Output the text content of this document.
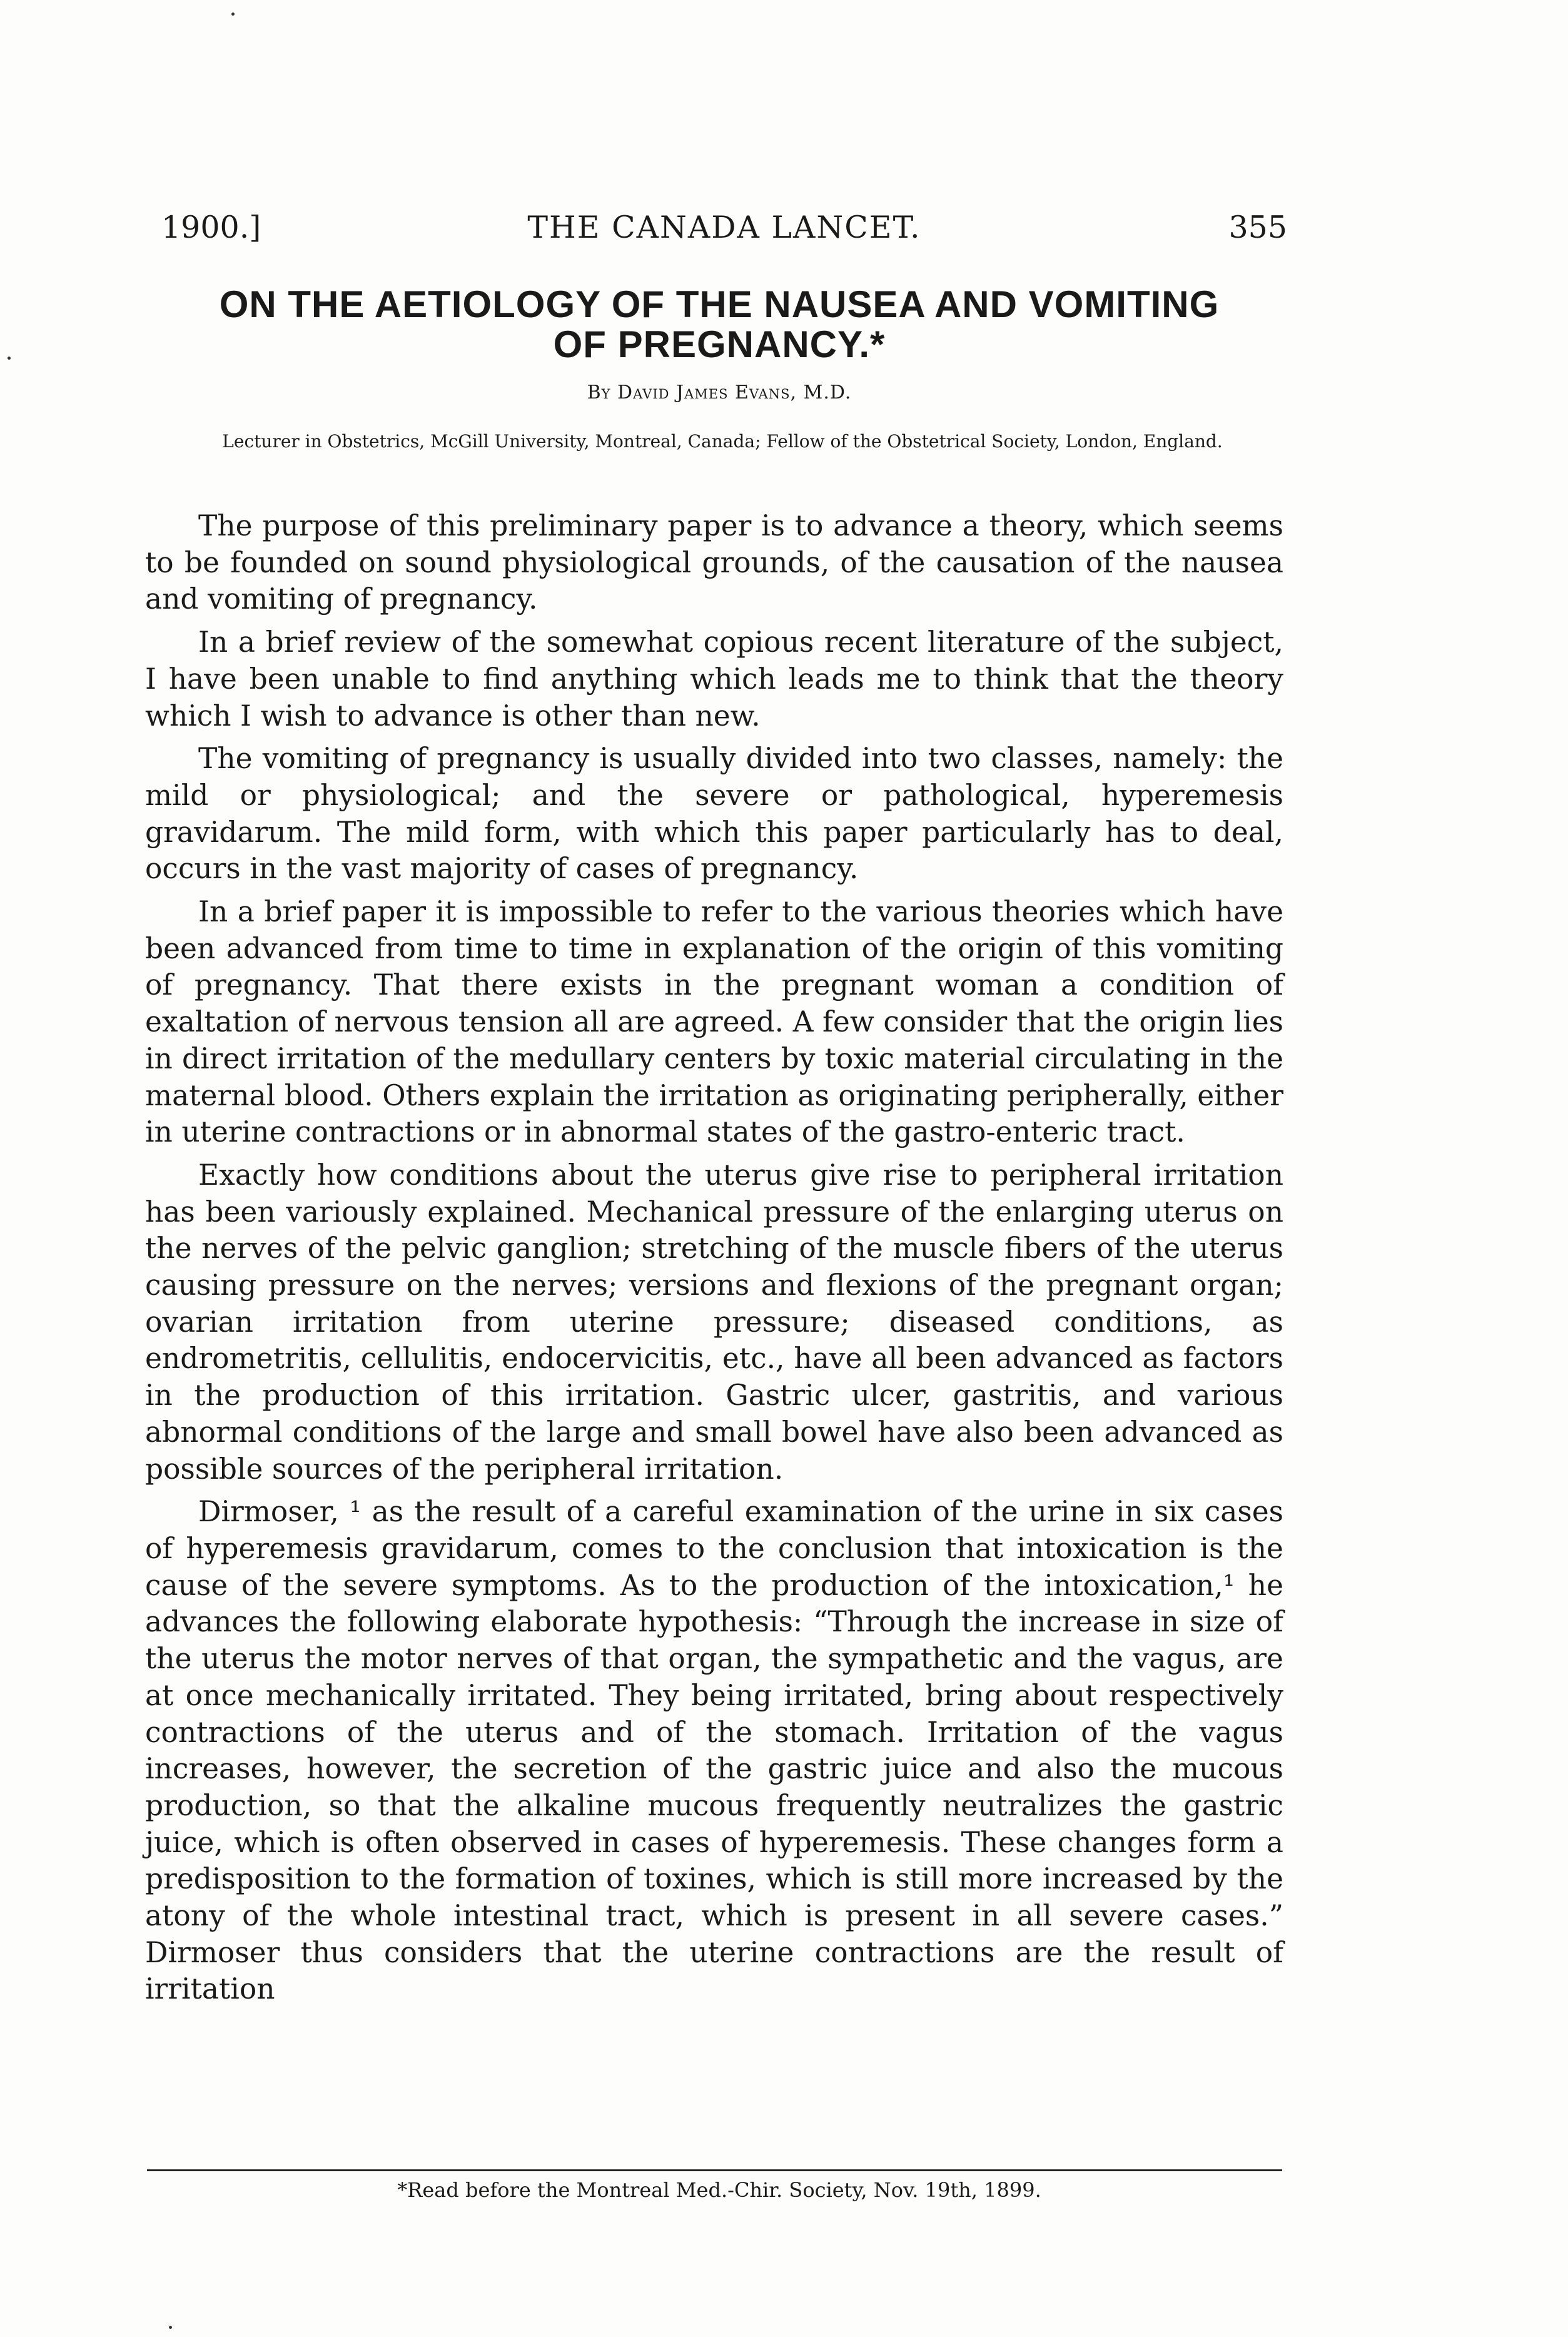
1900.]	THE CANADA LANCET.	355
ON THE AETIOLOGY OF THE NAUSEA AND VOMITING
OF PREGNANCY.*
By David James Evans, M.D.
Lecturer in Obstetrics, McGill University, Montreal, Canada; Fellow of the Obstetrical Society, London, England.

The purpose of this preliminary paper is to advance a theory, which seems to be founded on sound physiological grounds, of the causation of the nausea and vomiting of pregnancy.

In a brief review of the somewhat copious recent literature of the subject, I have been unable to find anything which leads me to think that the theory which I wish to advance is other than new.

The vomiting of pregnancy is usually divided into two classes, namely: the mild or physiological; and the severe or pathological, hyperemesis gravidarum. The mild form, with which this paper particularly has to deal, occurs in the vast majority of cases of pregnancy.

In a brief paper it is impossible to refer to the various theories which have been advanced from time to time in explanation of the origin of this vomiting of pregnancy. That there exists in the pregnant woman a condition of exaltation of nervous tension all are agreed. A few consider that the origin lies in direct irritation of the medullary centers by toxic material circulating in the maternal blood. Others explain the irritation as originating peripherally, either in uterine contractions or in abnormal states of the gastro-enteric tract.

Exactly how conditions about the uterus give rise to peripheral irritation has been variously explained. Mechanical pressure of the enlarging uterus on the nerves of the pelvic ganglion; stretching of the muscle fibers of the uterus causing pressure on the nerves; versions and flexions of the pregnant organ; ovarian irritation from uterine pressure; diseased conditions, as endrometritis, cellulitis, endocervicitis, etc., have all been advanced as factors in the production of this irritation. Gastric ulcer, gastritis, and various abnormal conditions of the large and small bowel have also been advanced as possible sources of the peripheral irritation.

Dirmoser, ¹ as the result of a careful examination of the urine in six cases of hyperemesis gravidarum, comes to the conclusion that intoxication is the cause of the severe symptoms. As to the production of the intoxication,¹ he advances the following elaborate hypothesis: “Through the increase in size of the uterus the motor nerves of that organ, the sympathetic and the vagus, are at once mechanically irritated. They being irritated, bring about respectively contractions of the uterus and of the stomach. Irritation of the vagus increases, however, the secretion of the gastric juice and also the mucous production, so that the alkaline mucous frequently neutralizes the gastric juice, which is often observed in cases of hyperemesis. These changes form a predisposition to the formation of toxines, which is still more increased by the atony of the whole intestinal tract, which is present in all severe cases.” Dirmoser thus considers that the uterine contractions are the result of irritation

*Read before the Montreal Med.-Chir. Society, Nov. 19th, 1899.
